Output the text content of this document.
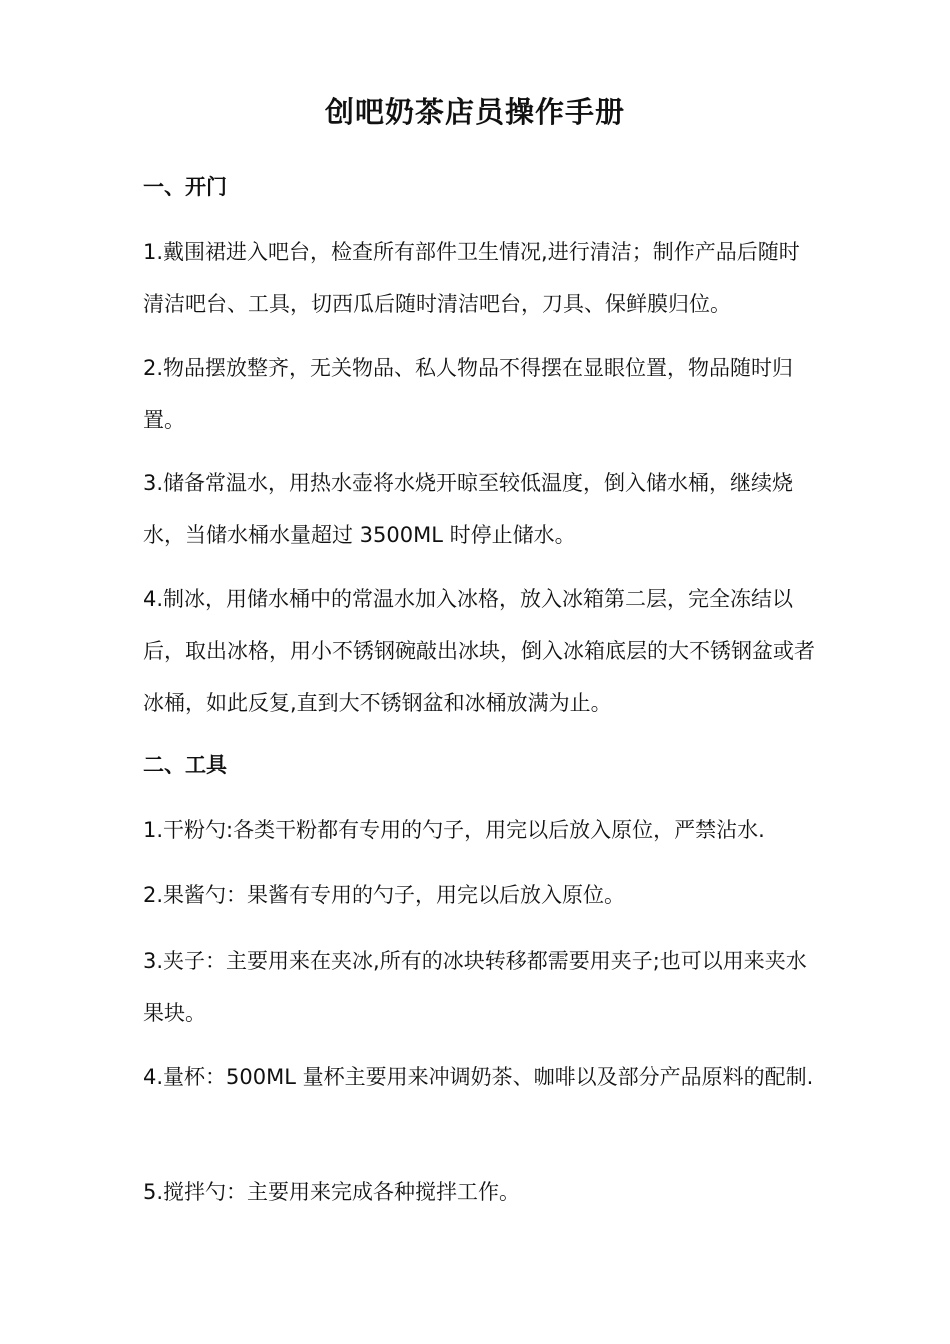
创吧奶茶店员操作手册
一、开门

1.戴围裙进入吧台，检查所有部件卫生情况,进行清洁；制作产品后随时清洁吧台、工具，切西瓜后随时清洁吧台，刀具、保鲜膜归位。

2.物品摆放整齐，无关物品、私人物品不得摆在显眼位置，物品随时归置。

3.储备常温水，用热水壶将水烧开晾至较低温度，倒入储水桶，继续烧水，当储水桶水量超过 3500ML 时停止储水。

4.制冰，用储水桶中的常温水加入冰格，放入冰箱第二层，完全冻结以后，取出冰格，用小不锈钢碗敲出冰块，倒入冰箱底层的大不锈钢盆或者冰桶，如此反复,直到大不锈钢盆和冰桶放满为止。

二、工具

1.干粉勺:各类干粉都有专用的勺子，用完以后放入原位，严禁沾水.

2.果酱勺：果酱有专用的勺子，用完以后放入原位。

3.夹子：主要用来在夹冰,所有的冰块转移都需要用夹子;也可以用来夹水果块。

4.量杯：500ML 量杯主要用来冲调奶茶、咖啡以及部分产品原料的配制.

5.搅拌勺：主要用来完成各种搅拌工作。
